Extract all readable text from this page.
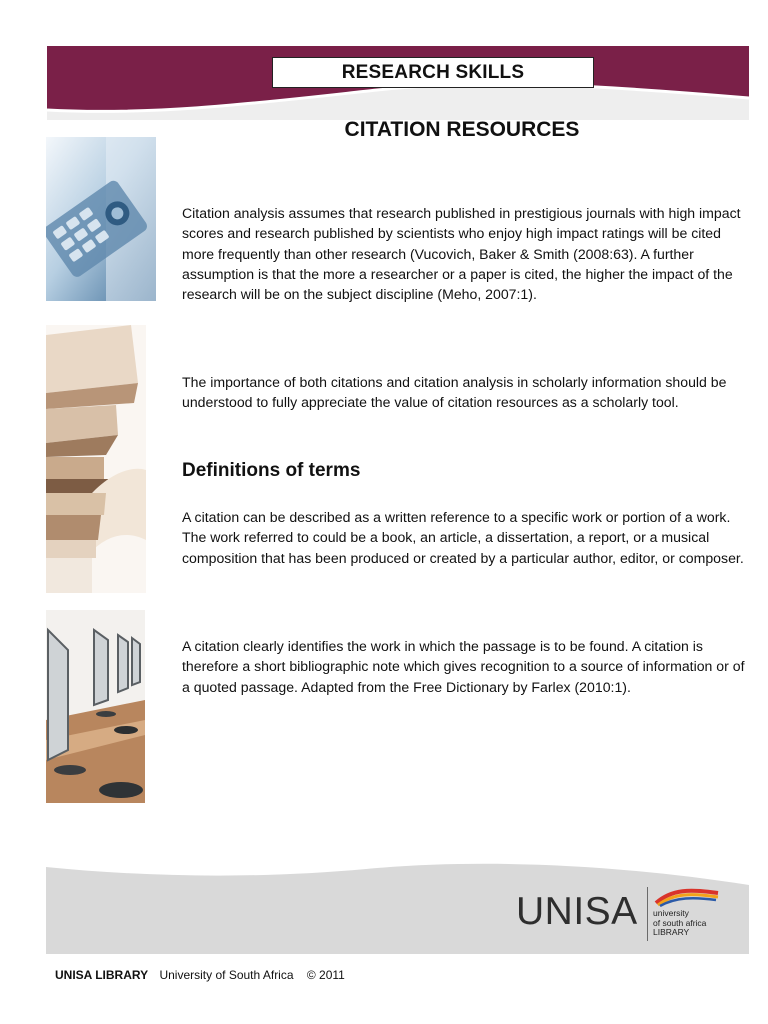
RESEARCH SKILLS
CITATION RESOURCES

Citation analysis assumes that research published in prestigious journals with high impact scores and research published by scientists who enjoy high impact ratings will be cited more frequently than other research (Vucovich, Baker & Smith (2008:63). A further assumption is that the more a researcher or a paper is cited, the higher the impact of the research will be on the subject discipline (Meho, 2007:1).

The importance of both citations and citation analysis in scholarly information should be understood to fully appreciate the value of citation resources as a scholarly tool.

Definitions of terms

A citation can be described as a written reference to a specific work or portion of a work. The work referred to could be a book, an article, a dissertation, a report, or a musical composition that has been produced or created by a particular author, editor, or composer.

A citation clearly identifies the work in which the passage is to be found. A citation is therefore a short bibliographic note which gives recognition to a source of information or of a quoted passage. Adapted from the Free Dictionary by Farlex (2010:1).

UNISA university
of south africa
LIBRARY
UNISA LIBRARY University of South Africa © 2011
